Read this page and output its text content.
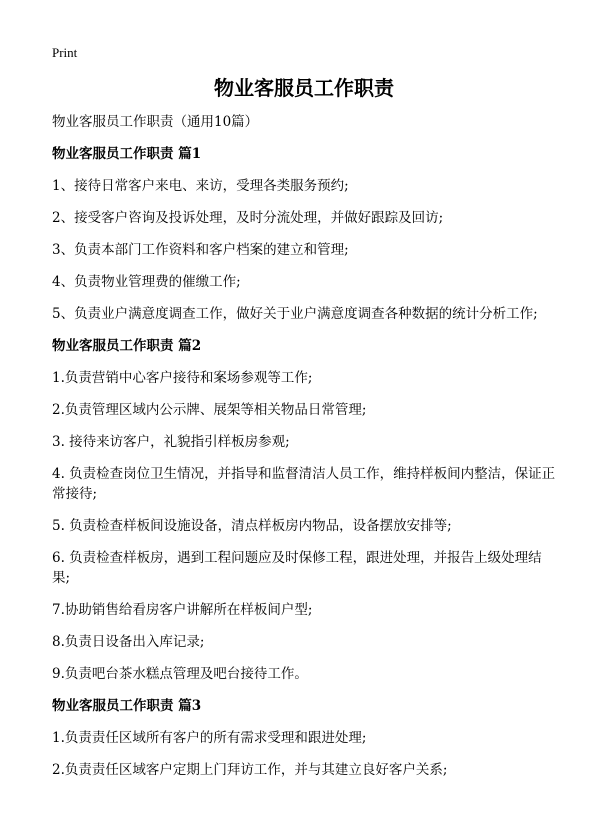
Print
物业客服员工作职责
物业客服员工作职责（通用10篇）
物业客服员工作职责 篇1
1、接待日常客户来电、来访，受理各类服务预约;
2、接受客户咨询及投诉处理，及时分流处理，并做好跟踪及回访;
3、负责本部门工作资料和客户档案的建立和管理;
4、负责物业管理费的催缴工作;
5、负责业户满意度调查工作，做好关于业户满意度调查各种数据的统计分析工作;
物业客服员工作职责 篇2
1.负责营销中心客户接待和案场参观等工作;
2.负责管理区域内公示牌、展架等相关物品日常管理;
3. 接待来访客户，礼貌指引样板房参观;
4. 负责检查岗位卫生情况，并指导和监督清洁人员工作，维持样板间内整洁，保证正常接待;
5. 负责检查样板间设施设备，清点样板房内物品，设备摆放安排等;
6. 负责检查样板房，遇到工程问题应及时保修工程，跟进处理，并报告上级处理结果;
7.协助销售给看房客户讲解所在样板间户型;
8.负责日设备出入库记录;
9.负责吧台茶水糕点管理及吧台接待工作。
物业客服员工作职责 篇3
1.负责责任区域所有客户的所有需求受理和跟进处理;
2.负责责任区域客户定期上门拜访工作，并与其建立良好客户关系;
